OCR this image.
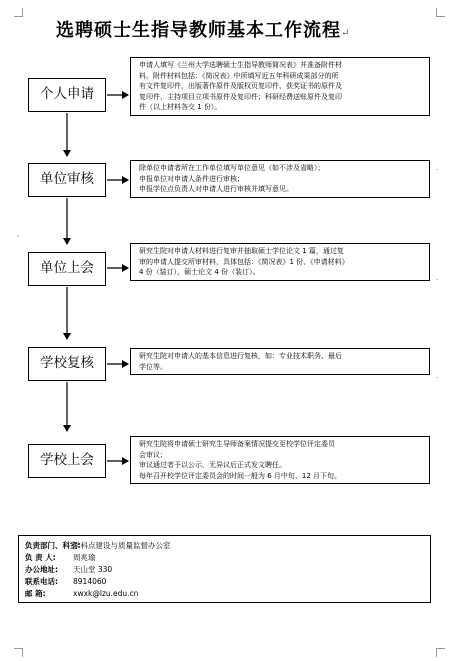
选聘硕士生指导教师基本工作流程↵
个人申请
单位审核
单位上会
学校复核
学校上会

申请人填写《兰州大学选聘硕士生指导教师简况表》并准备附件材

料。附件材料包括：《简况表》中所填写近五年科研成果部分的所

有文件复印件，出版著作原件及版权页复印件、获奖证书的原件及

复印件，主持项目立项书原件及复印件；科研经费送账原件及复印

件（以上材料各交 1 份）。

除单位申请者所在工作单位填写单位意见（如不涉及省略）；

申报单位对申请人条件进行审核；

申报学位点负责人对申请人进行审核并填写意见。

研究生院对申请人材料进行复审并抽取硕士学位论文 1 篇，通过复

审的申请人提交所审材料，具体包括：《简况表》1 份、《申请材料》

4 份（装订），硕士论文 4 份（装订）。

研究生院对申请人的基本信息进行复核，如：专业技术职务、最后

学位等。

研究生院将申请硕士研究生导师备案情况提交至校学位评定委员

会审议；

审议通过者予以公示，无异议后正式发文聘任。

每年召开校学位评定委员会的时间一般为 6 月中旬、12 月下旬。

,
.
.
.
负责部门、科室:
学科点建设与质量监督办公室
负 责 人:	周兆瑜
办公地址:	天山堂 330
联系电话:	8914060
邮 箱:	xwxk@lzu.edu.cn
